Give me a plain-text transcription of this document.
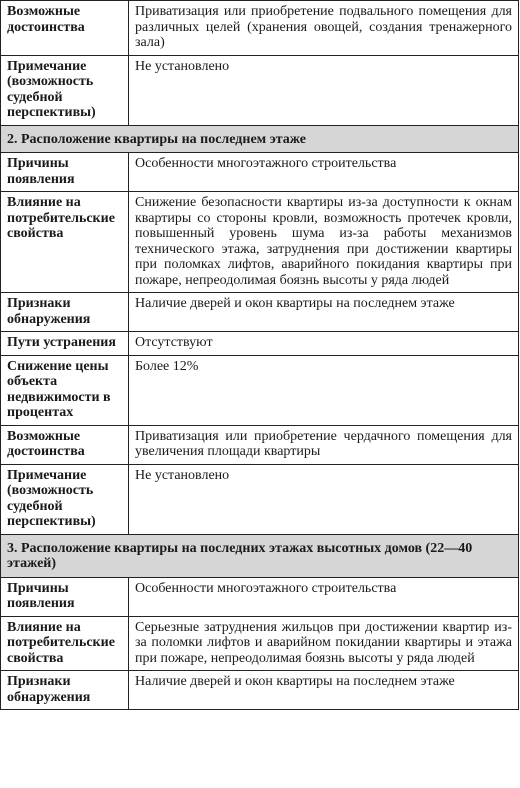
Возможные достоинства	Приватизация или приобретение подвального помещения для различных целей (хранения овощей, создания тренажерного зала)
Примечание (возможность судебной перспективы)	Не установлено
2. Расположение квартиры на последнем этаже	
Причины появления	Особенности многоэтажного строительства
Влияние на потребительские свойства	Снижение безопасности квартиры из-за доступности к окнам квартиры со стороны кровли, возможность протечек кровли, повышенный уровень шума из-за работы механизмов технического этажа, затруднения при достижении квартиры при поломках лифтов, аварийного покидания квартиры при пожаре, непреодолимая боязнь высоты у ряда людей
Признаки обнаружения	Наличие дверей и окон квартиры на последнем этаже
Пути устранения	Отсутствуют
Снижение цены объекта недвижимости в процентах	Более 12%
Возможные достоинства	Приватизация или приобретение чердачного помещения для увеличения площади квартиры
Примечание (возможность судебной перспективы)	Не установлено
3. Расположение квартиры на последних этажах высотных домов (22—40 этажей)	
Причины появления	Особенности многоэтажного строительства
Влияние на потребительские свойства	Серьезные затруднения жильцов при достижении квартир из-за поломки лифтов и аварийном покидании квартиры и этажа при пожаре, непреодолимая боязнь высоты у ряда людей
Признаки обнаружения	Наличие дверей и окон квартиры на последнем этаже
